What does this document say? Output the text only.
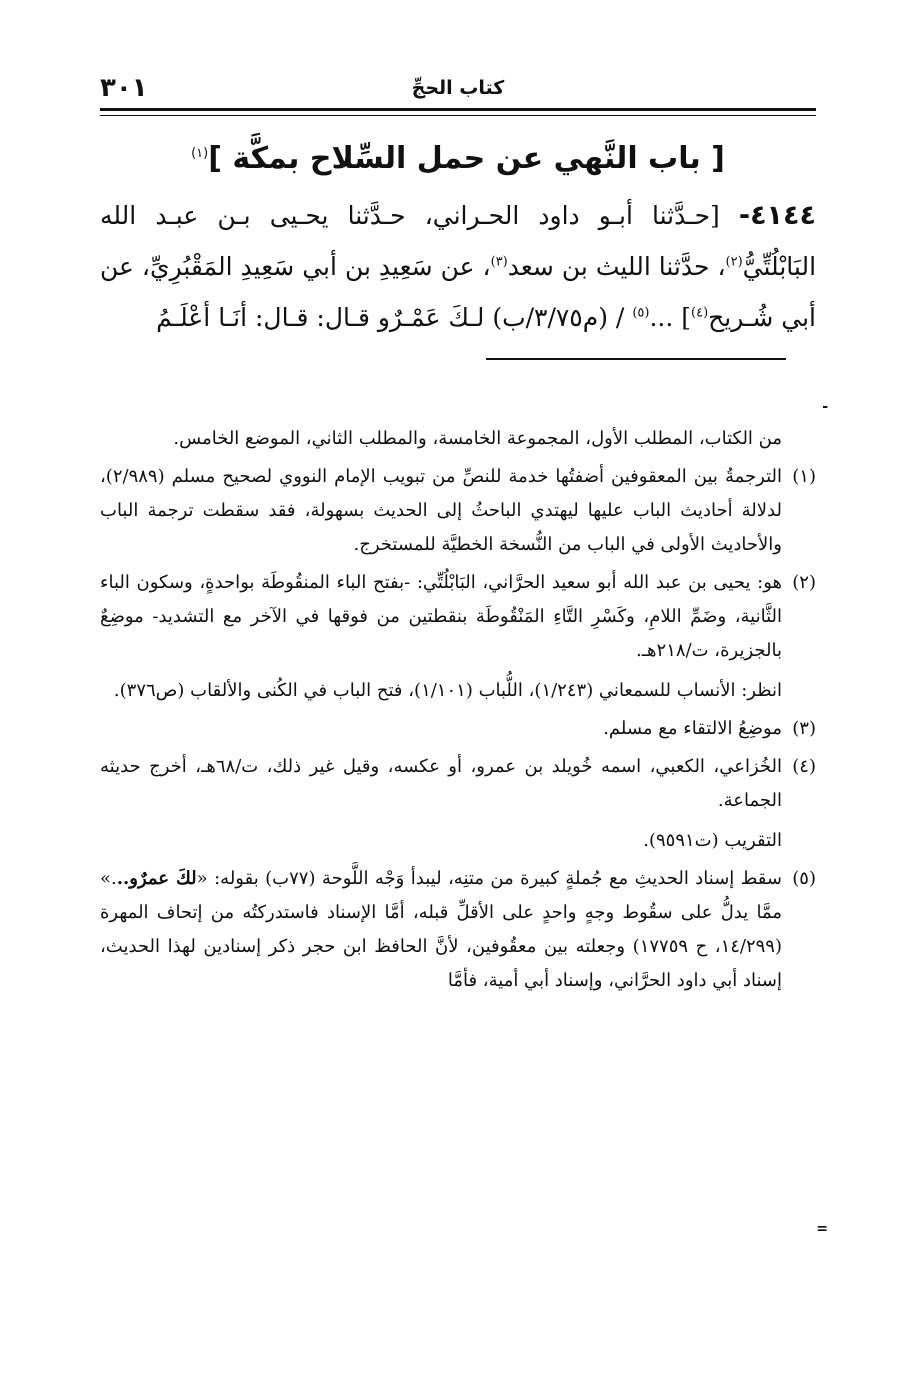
كتاب الحجِّ
٣٠١
[ باب النَّهي عن حمل السِّلاح بمكَّة ]$^{(١)}$

٤١٤٤- [حـدَّثنا أبـو داود الحـراني، حـدَّثنا يحـيى بـن عبـد الله البَابْلُتِّيُّ$^{(٢)}$، حدَّثنا الليث بن سعد$^{(٣)}$، عن سَعِيدِ بن أبي سَعِيدِ المَقْبُرِيِّ، عن أبي شُـريح$^{(٤)}$] ...$^{(٥)}$ / (م٣/٧٥/ب) لـكَ عَمْـرٌو قـال: قـال: أنَـا أعْلَـمُ

-

من الكتاب، المطلب الأول، المجموعة الخامسة، والمطلب الثاني، الموضع الخامس.

(١)
الترجمةُ بين المعقوفين أضفتُها خدمة للنصِّ من تبويب الإمام النووي لصحيح مسلم (٢/٩٨٩)، لدلالة أحاديث الباب عليها ليهتدي الباحثُ إلى الحديث بسهولة، فقد سقطت ترجمة الباب والأحاديث الأولى في الباب من النُّسخة الخطيَّة للمستخرج.
(٢)
هو: يحيى بن عبد الله أبو سعيد الحرَّاني، البَابْلُتِّي: -بفتح الباء المنقُوطَة بواحدةٍ، وسكون الباء الثَّانية، وضَمِّ اللامِ، وكَسْرِ التَّاءِ المَنْقُوطَة بنقطتين من فوقها في الآخر مع التشديد- موضِعٌ بالجزيرة، ت/٢١٨هـ.

انظر: الأنساب للسمعاني (١/٢٤٣)، اللُّباب (١/١٠١)، فتح الباب في الكُنى والألقاب (ص٣٧٦).

(٣)
موضِعُ الالتقاء مع مسلم.
(٤)
الخُزاعي، الكعبي، اسمه خُويلد بن عمرو، أو عكسه، وقيل غير ذلك، ت/٦٨هـ، أخرج حديثه الجماعة.

التقريب (ت٩٥٩١).

(٥)
سقط إسناد الحديثِ مع جُملةٍ كبيرة من متنِه، ليبدأ وَجْه اللَّوحة (٧٧ب) بقوله: «لكَ عمرٌو...» ممَّا يدلُّ على سقُوط وجهٍ واحدٍ على الأقلِّ قبله، أمَّا الإسناد فاستدركتُه من إتحاف المهرة (١٤/٢٩٩، ح ١٧٧٥٩) وجعلته بين معقُوفين، لأنَّ الحافظ ابن حجر ذكر إسنادين لهذا الحديث، إسناد أبي داود الحرَّاني، وإسناد أبي أمية، فأمَّا
=
